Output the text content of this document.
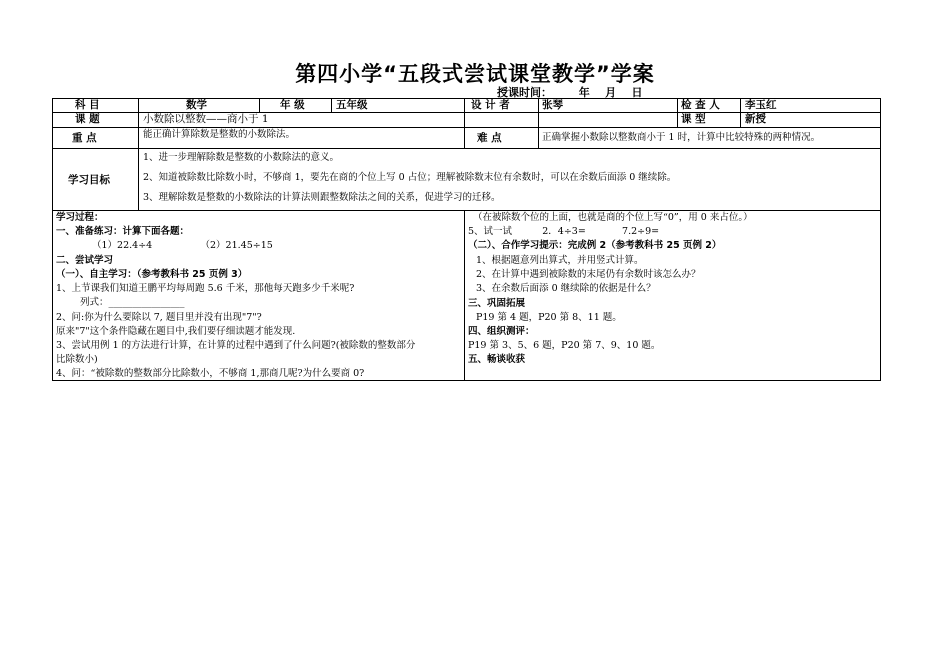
第四小学“五段式尝试课堂教学”学案
授课时间：       年    月    日
科 目	数学	年 级	五年级	设 计 者	张琴	检 查 人 李玉红
课 题	小数除以整数——商小于 1	课 型	新授
重 点	能正确计算除数是整数的小数除法。	难 点	正确掌握小数除以整数商小于 1 时，计算中比较特殊的两种情况。
学习目标
1、进一步理解除数是整数的小数除法的意义。
2、知道被除数比除数小时，不够商 1，要先在商的个位上写 0 占位；理解被除数末位有余数时，可以在余数后面添 0 继续除。
3、理解除数是整数的小数除法的计算法则跟整数除法之间的关系，促进学习的迁移。
学习过程：
一、准备练习：计算下面各题：
（1）22.4÷4                （2）21.45÷15
二、尝试学习
（一）、自主学习：（参考教科书 25 页例 3）
1、上节课我们知道王鹏平均每周跑 5.6 千米，那他每天跑多少千米呢?
列式：________________
2、问:你为什么要除以 7, 题目里并没有出现"7"?
原来"7"这个条件隐藏在题目中,我们要仔细读题才能发现.
3、尝试用例 1 的方法进行计算，在计算的过程中遇到了什么问题?(被除数的整数部分
比除数小)
4、问：“被除数的整数部分比除数小，不够商 1,那商几呢?为什么要商 0?
（在被除数个位的上面，也就是商的个位上写“0”，用 0 来占位。）
5、试一试          2．4÷3=            7.2÷9=
（二）、合作学习提示：完成例 2（参考教科书 25 页例 2）
1、根据题意列出算式，并用竖式计算。
2、在计算中遇到被除数的末尾仍有余数时该怎么办？
3、在余数后面添 0 继续除的依据是什么？
三、巩固拓展
P19 第 4 题，P20 第 8、11 题。
四、组织测评：
P19 第 3、5、6 题，P20 第 7、9、10 题。
五、畅谈收获
